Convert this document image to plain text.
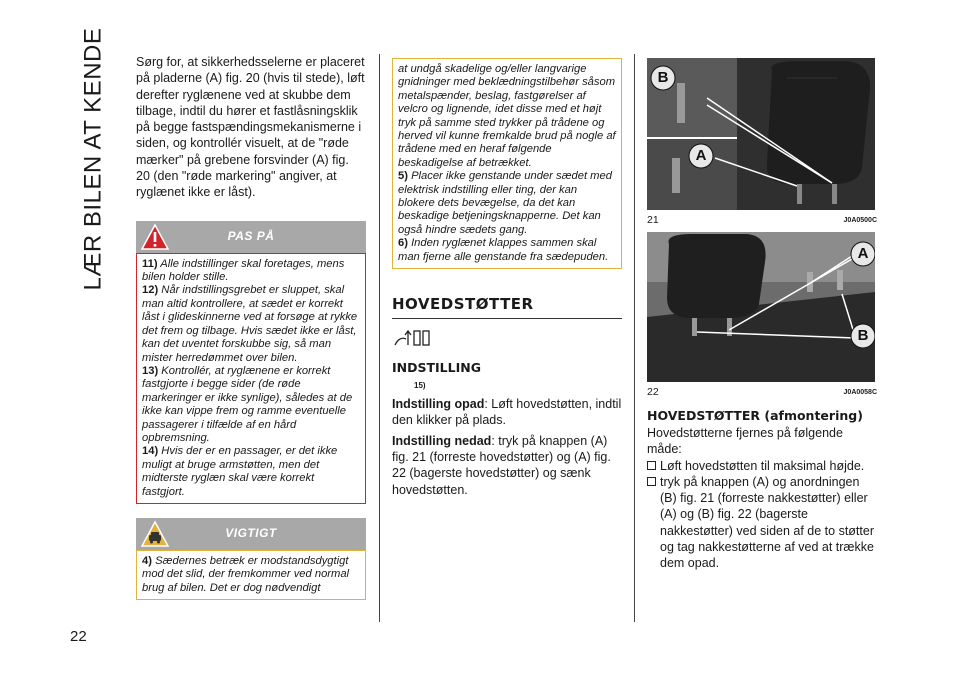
LÆR BILEN AT KENDE
22

Sørg for, at sikkerhedsselerne er placeret på pladerne (A) fig. 20 (hvis til stede), løft derefter ryglænene ved at skubbe dem tilbage, indtil du hører et fastlåsningsklik på begge fastspændingsmekanismerne i siden, og kontrollér visuelt, at de "røde mærker" på grebene forsvinder (A) fig. 20 (den "røde markering" angiver, at ryglænet ikke er låst).

PAS PÅ

11) Alle indstillinger skal foretages, mens bilen holder stille.

12) Når indstillingsgrebet er sluppet, skal man altid kontrollere, at sædet er korrekt låst i glideskinnerne ved at forsøge at rykke det frem og tilbage. Hvis sædet ikke er låst, kan det uventet forskubbe sig, så man mister herredømmet over bilen.

13) Kontrollér, at ryglænene er korrekt fastgjorte i begge sider (de røde markeringer er ikke synlige), således at de ikke kan vippe frem og ramme eventuelle passagerer i tilfælde af en hård opbremsning.

14) Hvis der er en passager, er det ikke muligt at bruge armstøtten, men det midterste ryglæn skal være korrekt fastgjort.

VIGTIGT

4) Sædernes betræk er modstandsdygtigt mod det slid, der fremkommer ved normal brug af bilen. Det er dog nødvendigt

at undgå skadelige og/eller langvarige gnidninger med beklædningstilbehør såsom metalspænder, beslag, fastgørelser af velcro og lignende, idet disse med et højt tryk på samme sted trykker på trådene og herved vil kunne fremkalde brud på nogle af trådene med en heraf følgende beskadigelse af betrækket.

5) Placer ikke genstande under sædet med elektrisk indstilling eller ting, der kan blokere dets bevægelse, da det kan beskadige betjeningsknapperne. Det kan også hindre sædets gang.

6) Inden ryglænet klappes sammen skal man fjerne alle genstande fra sædepuden.

HOVEDSTØTTER
INDSTILLING
15)

Indstilling opad: Løft hovedstøtten, indtil den klikker på plads.

Indstilling nedad: tryk på knappen (A) fig. 21 (forreste hovedstøtter) og (A) fig. 22 (bagerste hovedstøtter) og sænk hovedstøtten.

B
A
21	J0A0500C
A
B
22	J0A0058C
HOVEDSTØTTER (afmontering)

Hovedstøtterne fjernes på følgende måde:

Løft hovedstøtten til maksimal højde.
tryk på knappen (A) og anordningen (B) fig. 21 (forreste nakkestøtter) eller (A) og (B) fig. 22 (bagerste nakkestøtter) ved siden af de to støtter og tag nakkestøtterne af ved at trække dem opad.
